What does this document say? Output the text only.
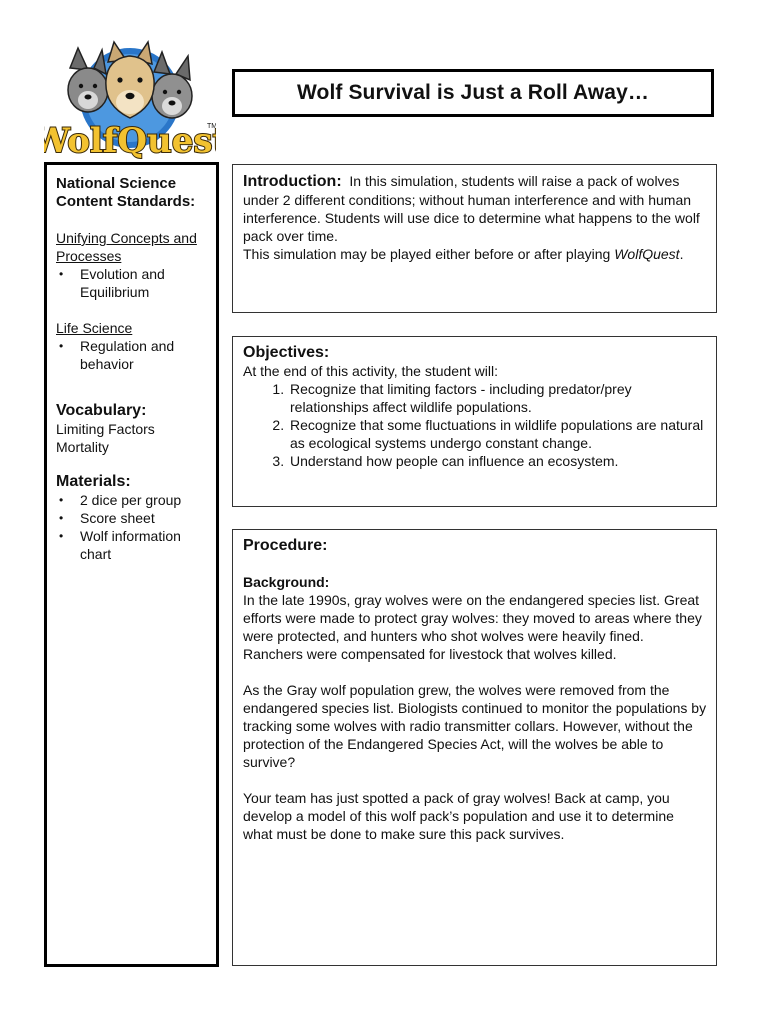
WolfQues
TM
Wolf Survival is Just a Roll Away…
National Science
Content Standards:
Unifying Concepts and Processes
• Evolution and Equilibrium
Life Science
• Regulation and behavior
Vocabulary:
Limiting Factors
Mortality
Materials:
• 2 dice per group
• Score sheet
• Wolf information chart

Introduction: In this simulation, students will raise a pack of wolves under 2 different conditions; without human interference and with human interference. Students will use dice to determine what happens to the wolf pack over time.

This simulation may be played either before or after playing WolfQuest.

Objectives:
At the end of this activity, the student will:
1. Recognize that limiting factors - including predator/prey relationships affect wildlife populations.
2. Recognize that some fluctuations in wildlife populations are natural as ecological systems undergo constant change.
3. Understand how people can influence an ecosystem.
Procedure:
Background:

In the late 1990s, gray wolves were on the endangered species list. Great efforts were made to protect gray wolves: they moved to areas where they were protected, and hunters who shot wolves were heavily fined. Ranchers were compensated for livestock that wolves killed.

As the Gray wolf population grew, the wolves were removed from the endangered species list. Biologists continued to monitor the populations by tracking some wolves with radio transmitter collars. However, without the protection of the Endangered Species Act, will the wolves be able to survive?

Your team has just spotted a pack of gray wolves! Back at camp, you develop a model of this wolf pack’s population and use it to determine what must be done to make sure this pack survives.
